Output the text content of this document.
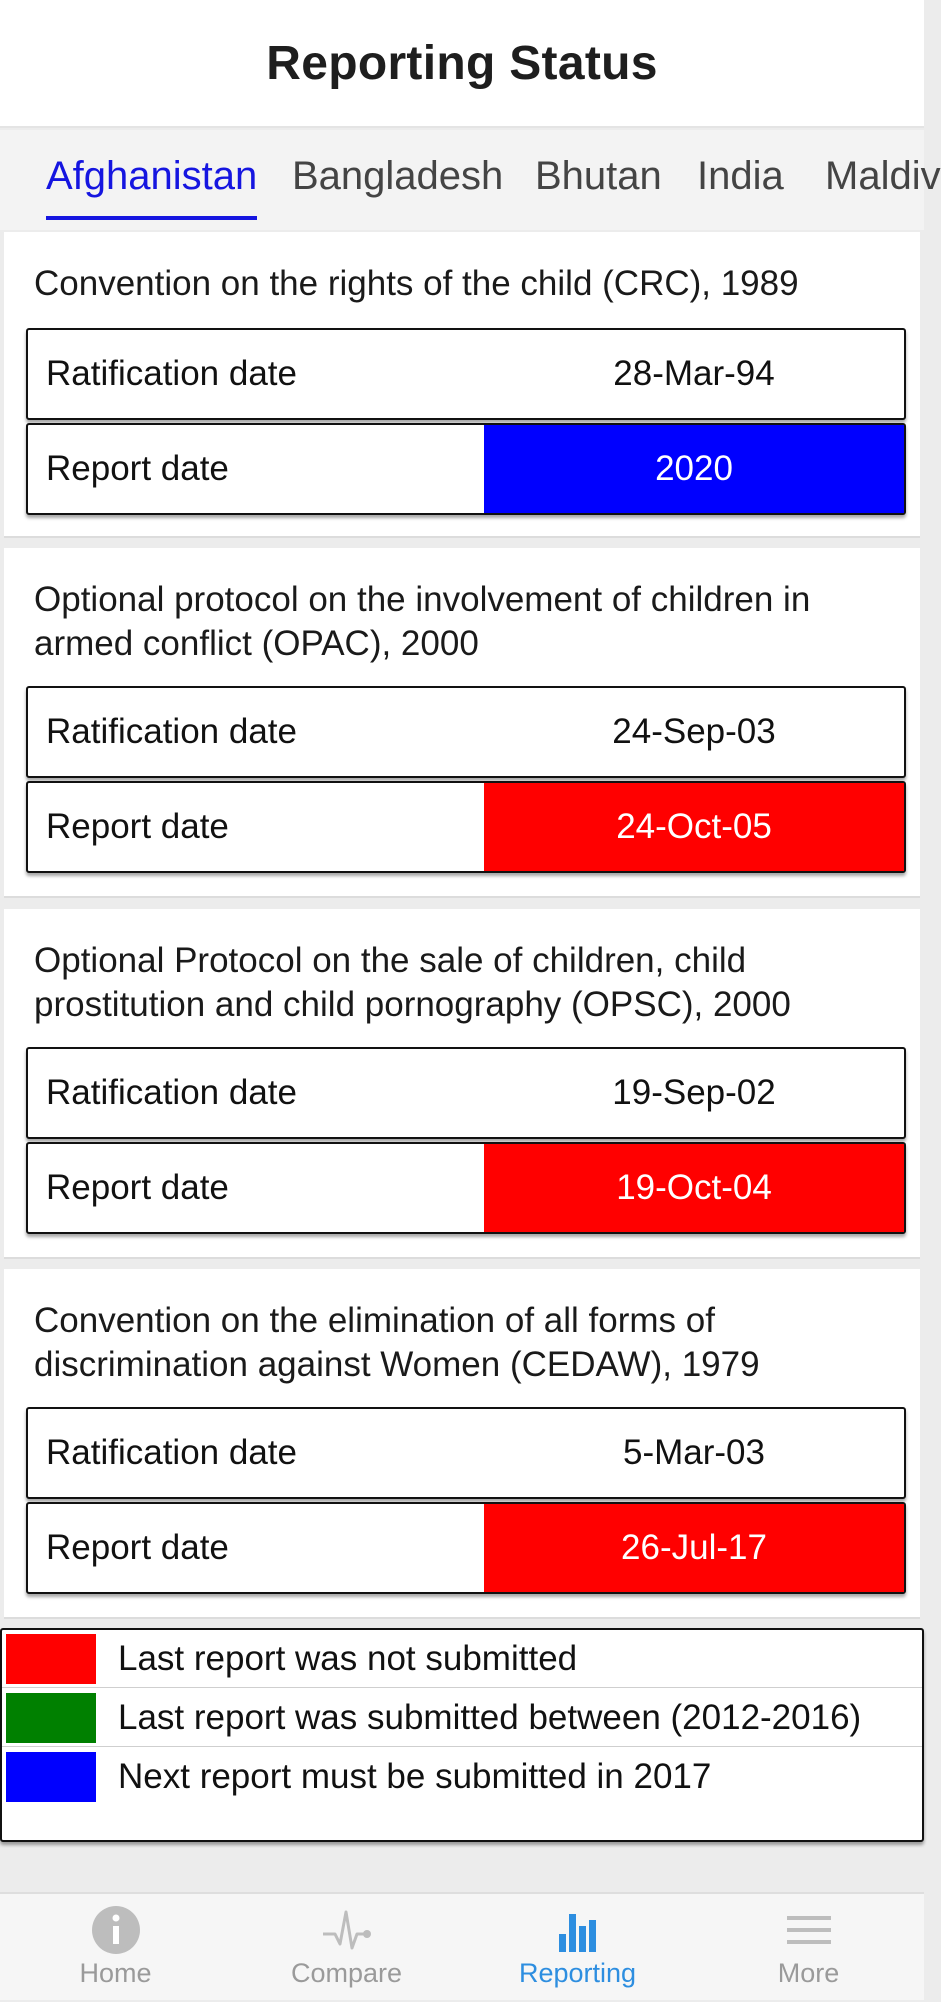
Reporting Status
Afghanistan Bangladesh Bhutan India Maldiv
Convention on the rights of the child (CRC), 1989
Ratification date	28-Mar-94
Report date	2020
Optional protocol on the involvement of children in armed conflict (OPAC), 2000
Ratification date	24-Sep-03
Report date	24-Oct-05
Optional Protocol on the sale of children, child prostitution and child pornography (OPSC), 2000
Ratification date	19-Sep-02
Report date	19-Oct-04
Convention on the elimination of all forms of discrimination against Women (CEDAW), 1979
Ratification date	5-Mar-03
Report date	26-Jul-17
Last report was not submitted
Last report was submitted between (2012-2016)
Next report must be submitted in 2017
Home	Compare	Reporting	More
